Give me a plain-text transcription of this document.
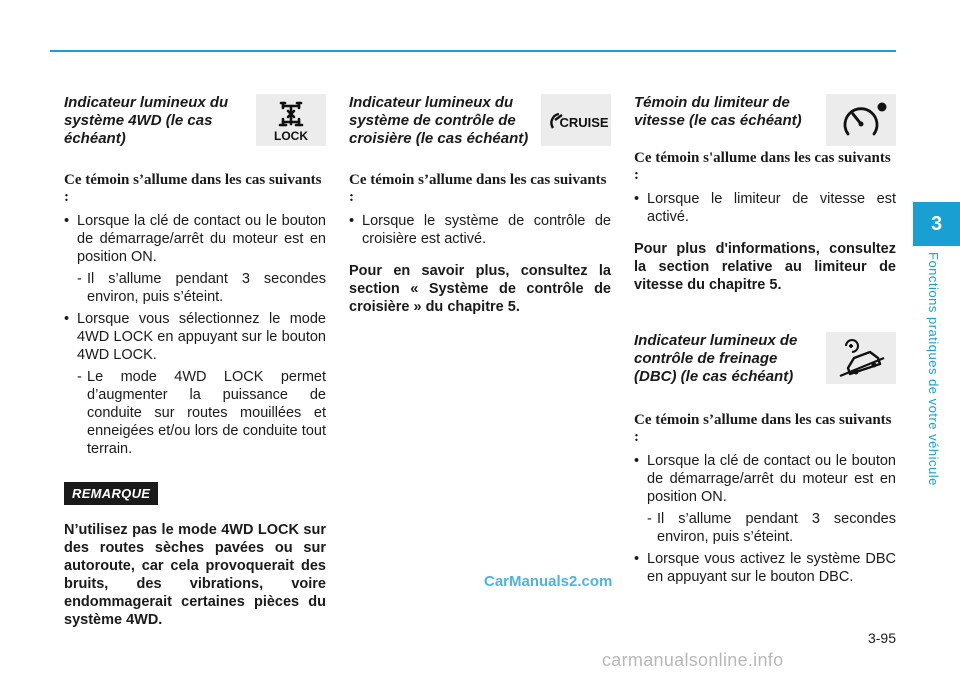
Indicateur lumineux du système 4WD (le cas échéant)	LOCK
Ce témoin s’allume dans les cas suivants :
• Lorsque la clé de contact ou le bouton de démarrage/arrêt du moteur est en position ON.
- Il s’allume pendant 3 secondes environ, puis s’éteint.
• Lorsque vous sélectionnez le mode 4WD LOCK en appuyant sur le bouton 4WD LOCK.
- Le mode 4WD LOCK permet d’augmenter la puissance de conduite sur routes mouillées et enneigées et/ou lors de conduite tout terrain.
REMARQUE

N’utilisez pas le mode 4WD LOCK sur des routes sèches pavées ou sur autoroute, car cela provoquerait des bruits, des vibrations, voire endommagerait certaines pièces du système 4WD.

Indicateur lumineux du système de contrôle de croisière (le cas échéant)

CRUISE
Ce témoin s’allume dans les cas suivants :
• Lorsque le système de contrôle de croisière est activé.

Pour en savoir plus, consultez la section « Système de contrôle de croisière » du chapitre 5.

Témoin du limiteur de vitesse (le cas échéant)

Ce témoin s'allume dans les cas suivants :
• Lorsque le limiteur de vitesse est activé.

Pour plus d'informations, consultez la section relative au limiteur de vitesse du chapitre 5.

Indicateur lumineux de contrôle de freinage (DBC) (le cas échéant)

Ce témoin s’allume dans les cas suivants :
• Lorsque la clé de contact ou le bouton de démarrage/arrêt du moteur est en position ON.
- Il s’allume pendant 3 secondes environ, puis s’éteint.
• Lorsque vous activez le système DBC en appuyant sur le bouton DBC.
3
Fonctions pratiques de votre véhicule
3-95
CarManuals2.com
carmanualsonline.info
